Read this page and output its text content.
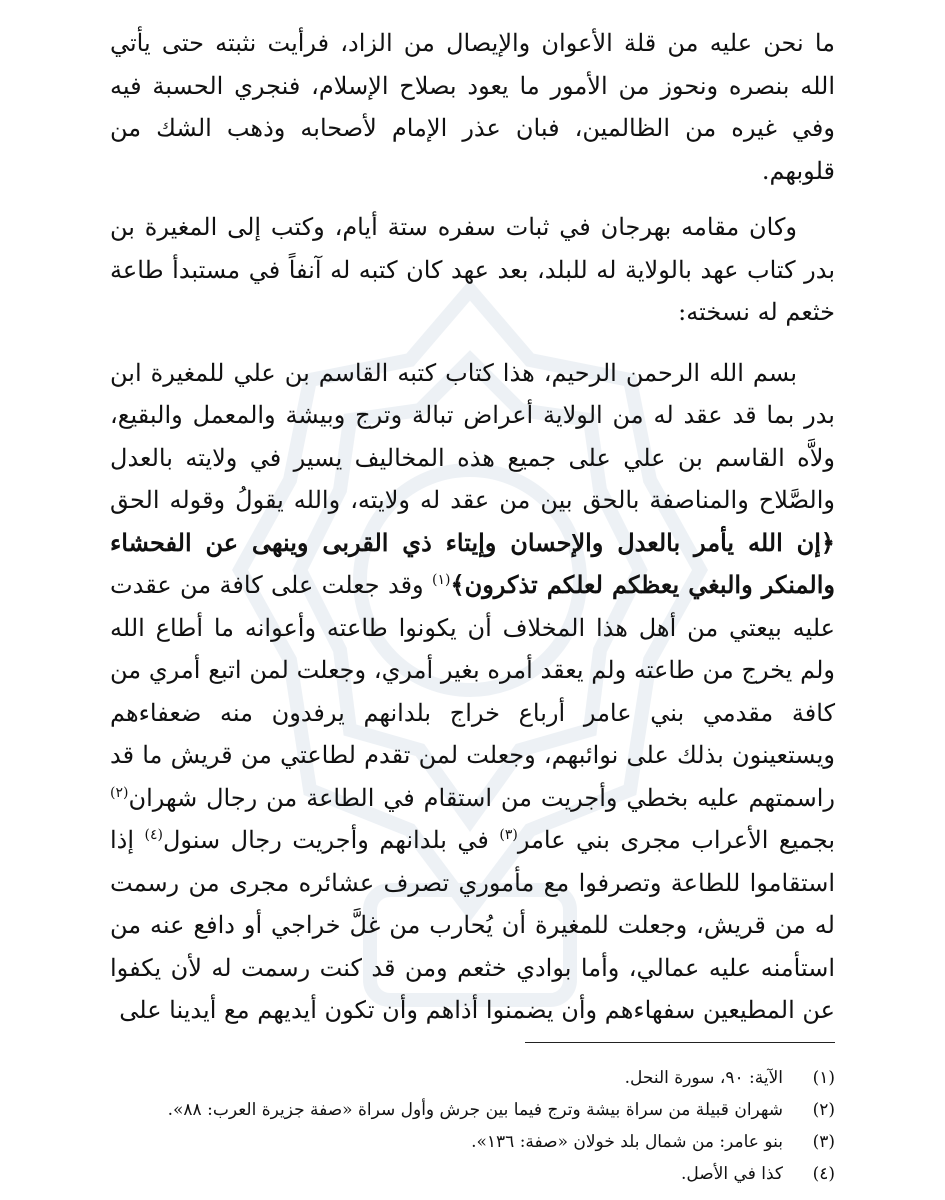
ما نحن عليه من قلة الأعوان والإيصال من الزاد، فرأيت نثبته حتى يأتي الله بنصره ونحوز من الأمور ما يعود بصلاح الإسلام، فنجري الحسبة فيه وفي غيره من الظالمين، فبان عذر الإمام لأصحابه وذهب الشك من قلوبهم.

وكان مقامه بهرجان في ثبات سفره ستة أيام، وكتب إلى المغيرة بن بدر كتاب عهد بالولاية له للبلد، بعد عهد كان كتبه له آنفاً في مستبدأ طاعة خثعم له نسخته:

بسم الله الرحمن الرحيم، هذا كتاب كتبه القاسم بن علي للمغيرة ابن بدر بما قد عقد له من الولاية أعراض تبالة وترج وبيشة والمعمل والبقيع، ولاَّه القاسم بن علي على جميع هذه المخاليف يسير في ولايته بالعدل والصَّلاح والمناصفة بالحق بين من عقد له ولايته، والله يقولُ وقوله الحق ﴿إن الله يأمر بالعدل والإحسان وإيتاء ذي القربى وينهى عن الفحشاء والمنكر والبغي يعظكم لعلكم تذكرون﴾$^{(١)}$ وقد جعلت على كافة من عقدت عليه بيعتي من أهل هذا المخلاف أن يكونوا طاعته وأعوانه ما أطاع الله ولم يخرج من طاعته ولم يعقد أمره بغير أمري، وجعلت لمن اتبع أمري من كافة مقدمي بني عامر أرباع خراج بلدانهم يرفدون منه ضعفاءهم ويستعينون بذلك على نوائبهم، وجعلت لمن تقدم لطاعتي من قريش ما قد راسمتهم عليه بخطي وأجريت من استقام في الطاعة من رجال شهران$^{(٢)}$ بجميع الأعراب مجرى بني عامر$^{(٣)}$ في بلدانهم وأجريت رجال سنول$^{(٤)}$ إذا استقاموا للطاعة وتصرفوا مع مأموري تصرف عشائره مجرى من رسمت له من قريش، وجعلت للمغيرة أن يُحارب من غلَّ خراجي أو دافع عنه من استأمنه عليه عمالي، وأما بوادي خثعم ومن قد كنت رسمت له لأن يكفوا عن المطيعين سفهاءهم وأن يضمنوا أذاهم وأن تكون أيديهم مع أيدينا على

(١)
الآية: ٩٠، سورة النحل.
(٢)
شهران قبيلة من سراة بيشة وترج فيما بين جرش وأول سراة «صفة جزيرة العرب: ٨٨».
(٣)
بنو عامر: من شمال بلد خولان «صفة: ١٣٦».
(٤)
كذا في الأصل.
